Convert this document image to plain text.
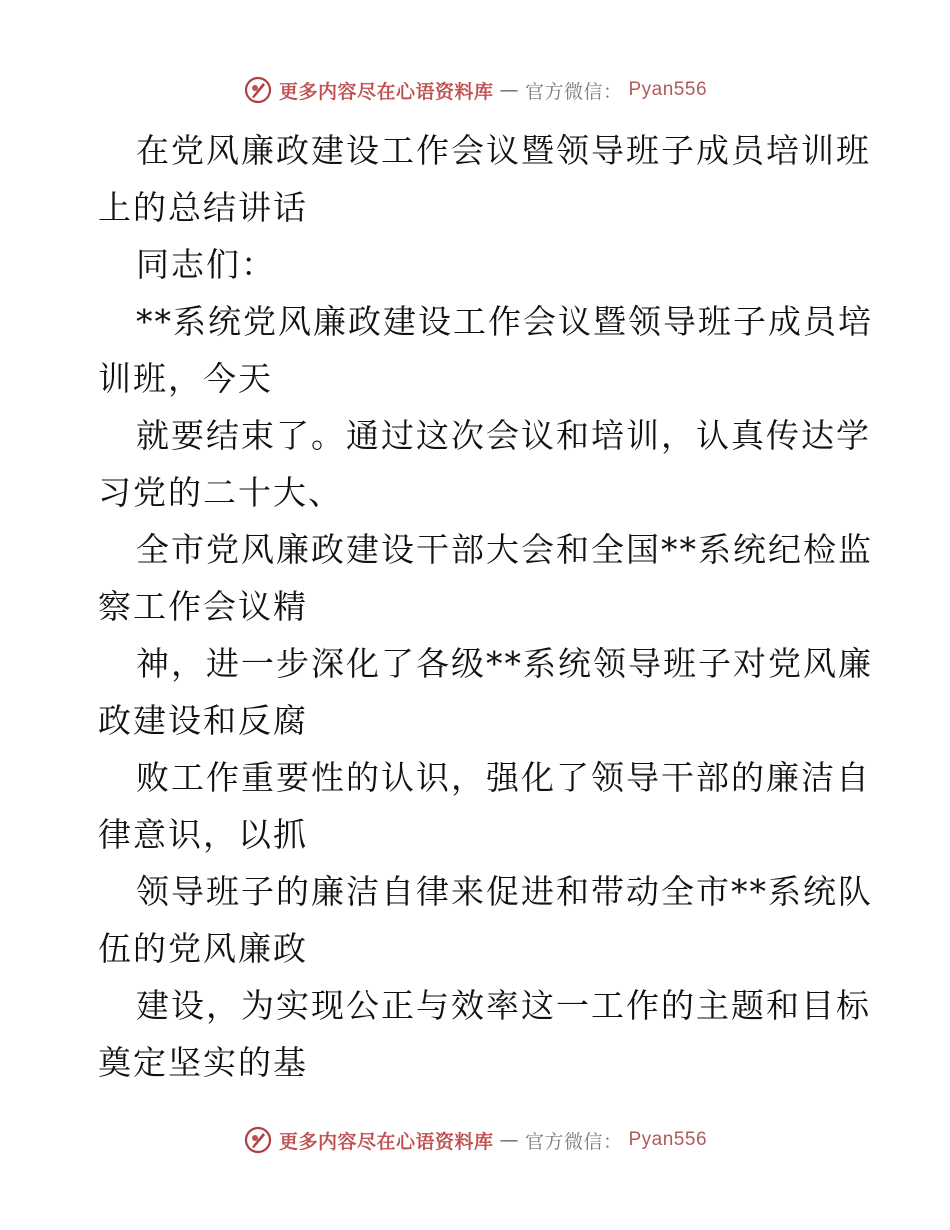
更多内容尽在心语资料库 — 官方微信： Pyan556
在党风廉政建设工作会议暨领导班子成员培训班
上的总结讲话
同志们：
**系统党风廉政建设工作会议暨领导班子成员培
训班，今天
就要结束了。通过这次会议和培训，认真传达学
习党的二十大、
全市党风廉政建设干部大会和全国**系统纪检监
察工作会议精
神，进一步深化了各级**系统领导班子对党风廉
政建设和反腐
败工作重要性的认识，强化了领导干部的廉洁自
律意识，以抓
领导班子的廉洁自律来促进和带动全市**系统队
伍的党风廉政
建设，为实现公正与效率这一工作的主题和目标
奠定坚实的基
更多内容尽在心语资料库 — 官方微信： Pyan556
